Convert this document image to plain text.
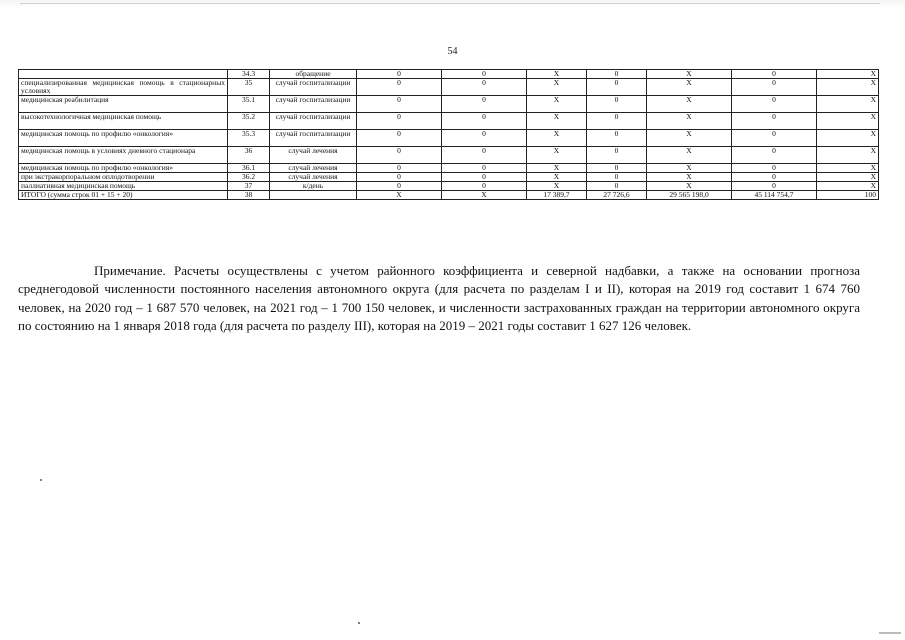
54
	34.3	обращение	0	0	Х	0	Х	0	Х
специализированная медицинская помощь в стационарных условиях	35	случай госпитализации	0	0	Х	0	Х	0	Х
медицинская реабилитация	35.1	случай госпитализации	0	0	Х	0	Х	0	Х
высокотехнологичная медицинская помощь	35.2	случай госпитализации	0	0	Х	0	Х	0	Х
медицинская помощь по профилю «онкология»	35.3	случай госпитализации	0	0	Х	0	Х	0	Х
медицинская помощь в условиях дневного стационара	36	случай лечения	0	0	Х	0	Х	0	Х
медицинская помощь по профилю «онкология»	36.1	случай лечения	0	0	Х	0	Х	0	Х
при экстракорпоральном оплодотворении	36.2	случай лечения	0	0	Х	0	Х	0	Х
паллиативная медицинская помощь	37	к/день	0	0	Х	0	Х	0	Х
ИТОГО (сумма строк 01 + 15 + 20)	38		Х	Х	17 389,7	27 726,6	29 565 198,0	45 114 754,7	100

Примечание. Расчеты осуществлены с учетом районного коэффициента и северной надбавки, а также на основании прогноза среднегодовой численности постоянного населения автономного округа (для расчета по разделам I и II), которая на 2019 год составит 1 674 760 человек, на 2020 год – 1 687 570 человек, на 2021 год – 1 700 150 человек, и численности застрахованных граждан на территории автономного округа по состоянию на 1 января 2018 года (для расчета по разделу III), которая на 2019 – 2021 годы составит 1 627 126 человек.
